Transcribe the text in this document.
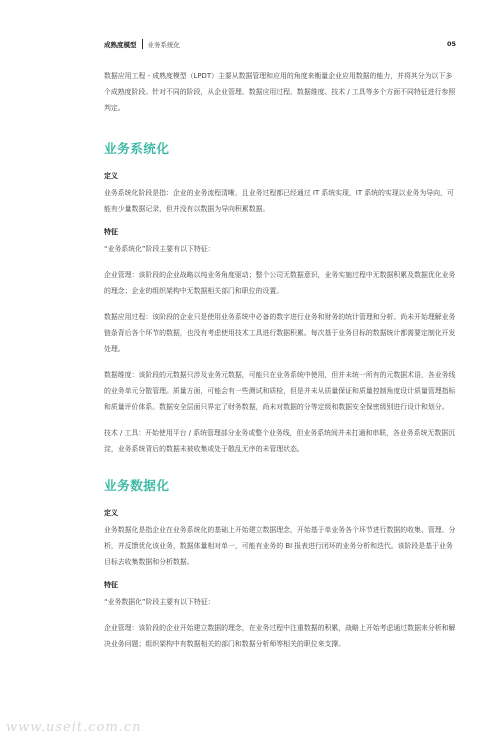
成熟度模型 业务系统化	05

数据应用工程 - 成熟度模型（LPDT）主要从数据管理和应用的角度来衡量企业应用数据的能力，并将其分为以下多个成熟度阶段。针对不同的阶段，从企业管理、数据应用过程、数据维度、技术 / 工具等多个方面不同特征进行参照判定。

业务系统化
定义

业务系统化阶段是指：企业的业务流程清晰，且业务过程都已经通过 IT 系统实现，IT 系统的实现以业务为导向，可能有少量数据记录，但并没有以数据为导向积累数据。

特征

“业务系统化”阶段主要有以下特征：

企业管理：该阶段的企业战略以纯业务角度驱动；整个公司无数据意识，业务实施过程中无数据积累及数据优化业务的理念；企业的组织架构中无数据相关部门和职位的设置。

数据应用过程：该阶段的企业只是使用业务系统中必备的数字进行业务和财务的统计管理和分析。尚未开始理解业务链条背后各个环节的数据，也没有考虑使用技术工具进行数据积累。每次基于业务目标的数据统计都需要定制化开发处理。

数据维度：该阶段的元数据只涉及业务元数据，可能只在业务系统中使用，但并未统一所有的元数据术语，各业务线的业务单元分散管理。质量方面，可能会有一些测试和质检，但是并未从质量保证和质量控制角度设计质量管理指标和质量评价体系。数据安全层面只界定了财务数据，尚未对数据的分等定级和数据安全保密级别进行设计和划分。

技术 / 工具：开始使用平台 / 系统管理部分业务或整个业务线，但业务系统间并未打通和串联，各业务系统无数据沉淀，业务系统背后的数据未被收集或处于散乱无序的未管理状态。

业务数据化
定义

业务数据化是指企业在业务系统化的基础上开始建立数据理念，开始基于单业务各个环节进行数据的收集、管理、分析，并反馈优化该业务，数据体量相对单一，可能有业务的 BI 报表进行闭环的业务分析和迭代。该阶段是基于业务目标去收集数据和分析数据。

特征

“业务数据化”阶段主要有以下特征：

企业管理：该阶段的企业开始建立数据的理念，在业务过程中注重数据的积累，战略上开始考虑通过数据来分析和解决业务问题；组织架构中有数据相关的部门和数据分析师等相关的职位来支撑。

www.useit.com.cn
